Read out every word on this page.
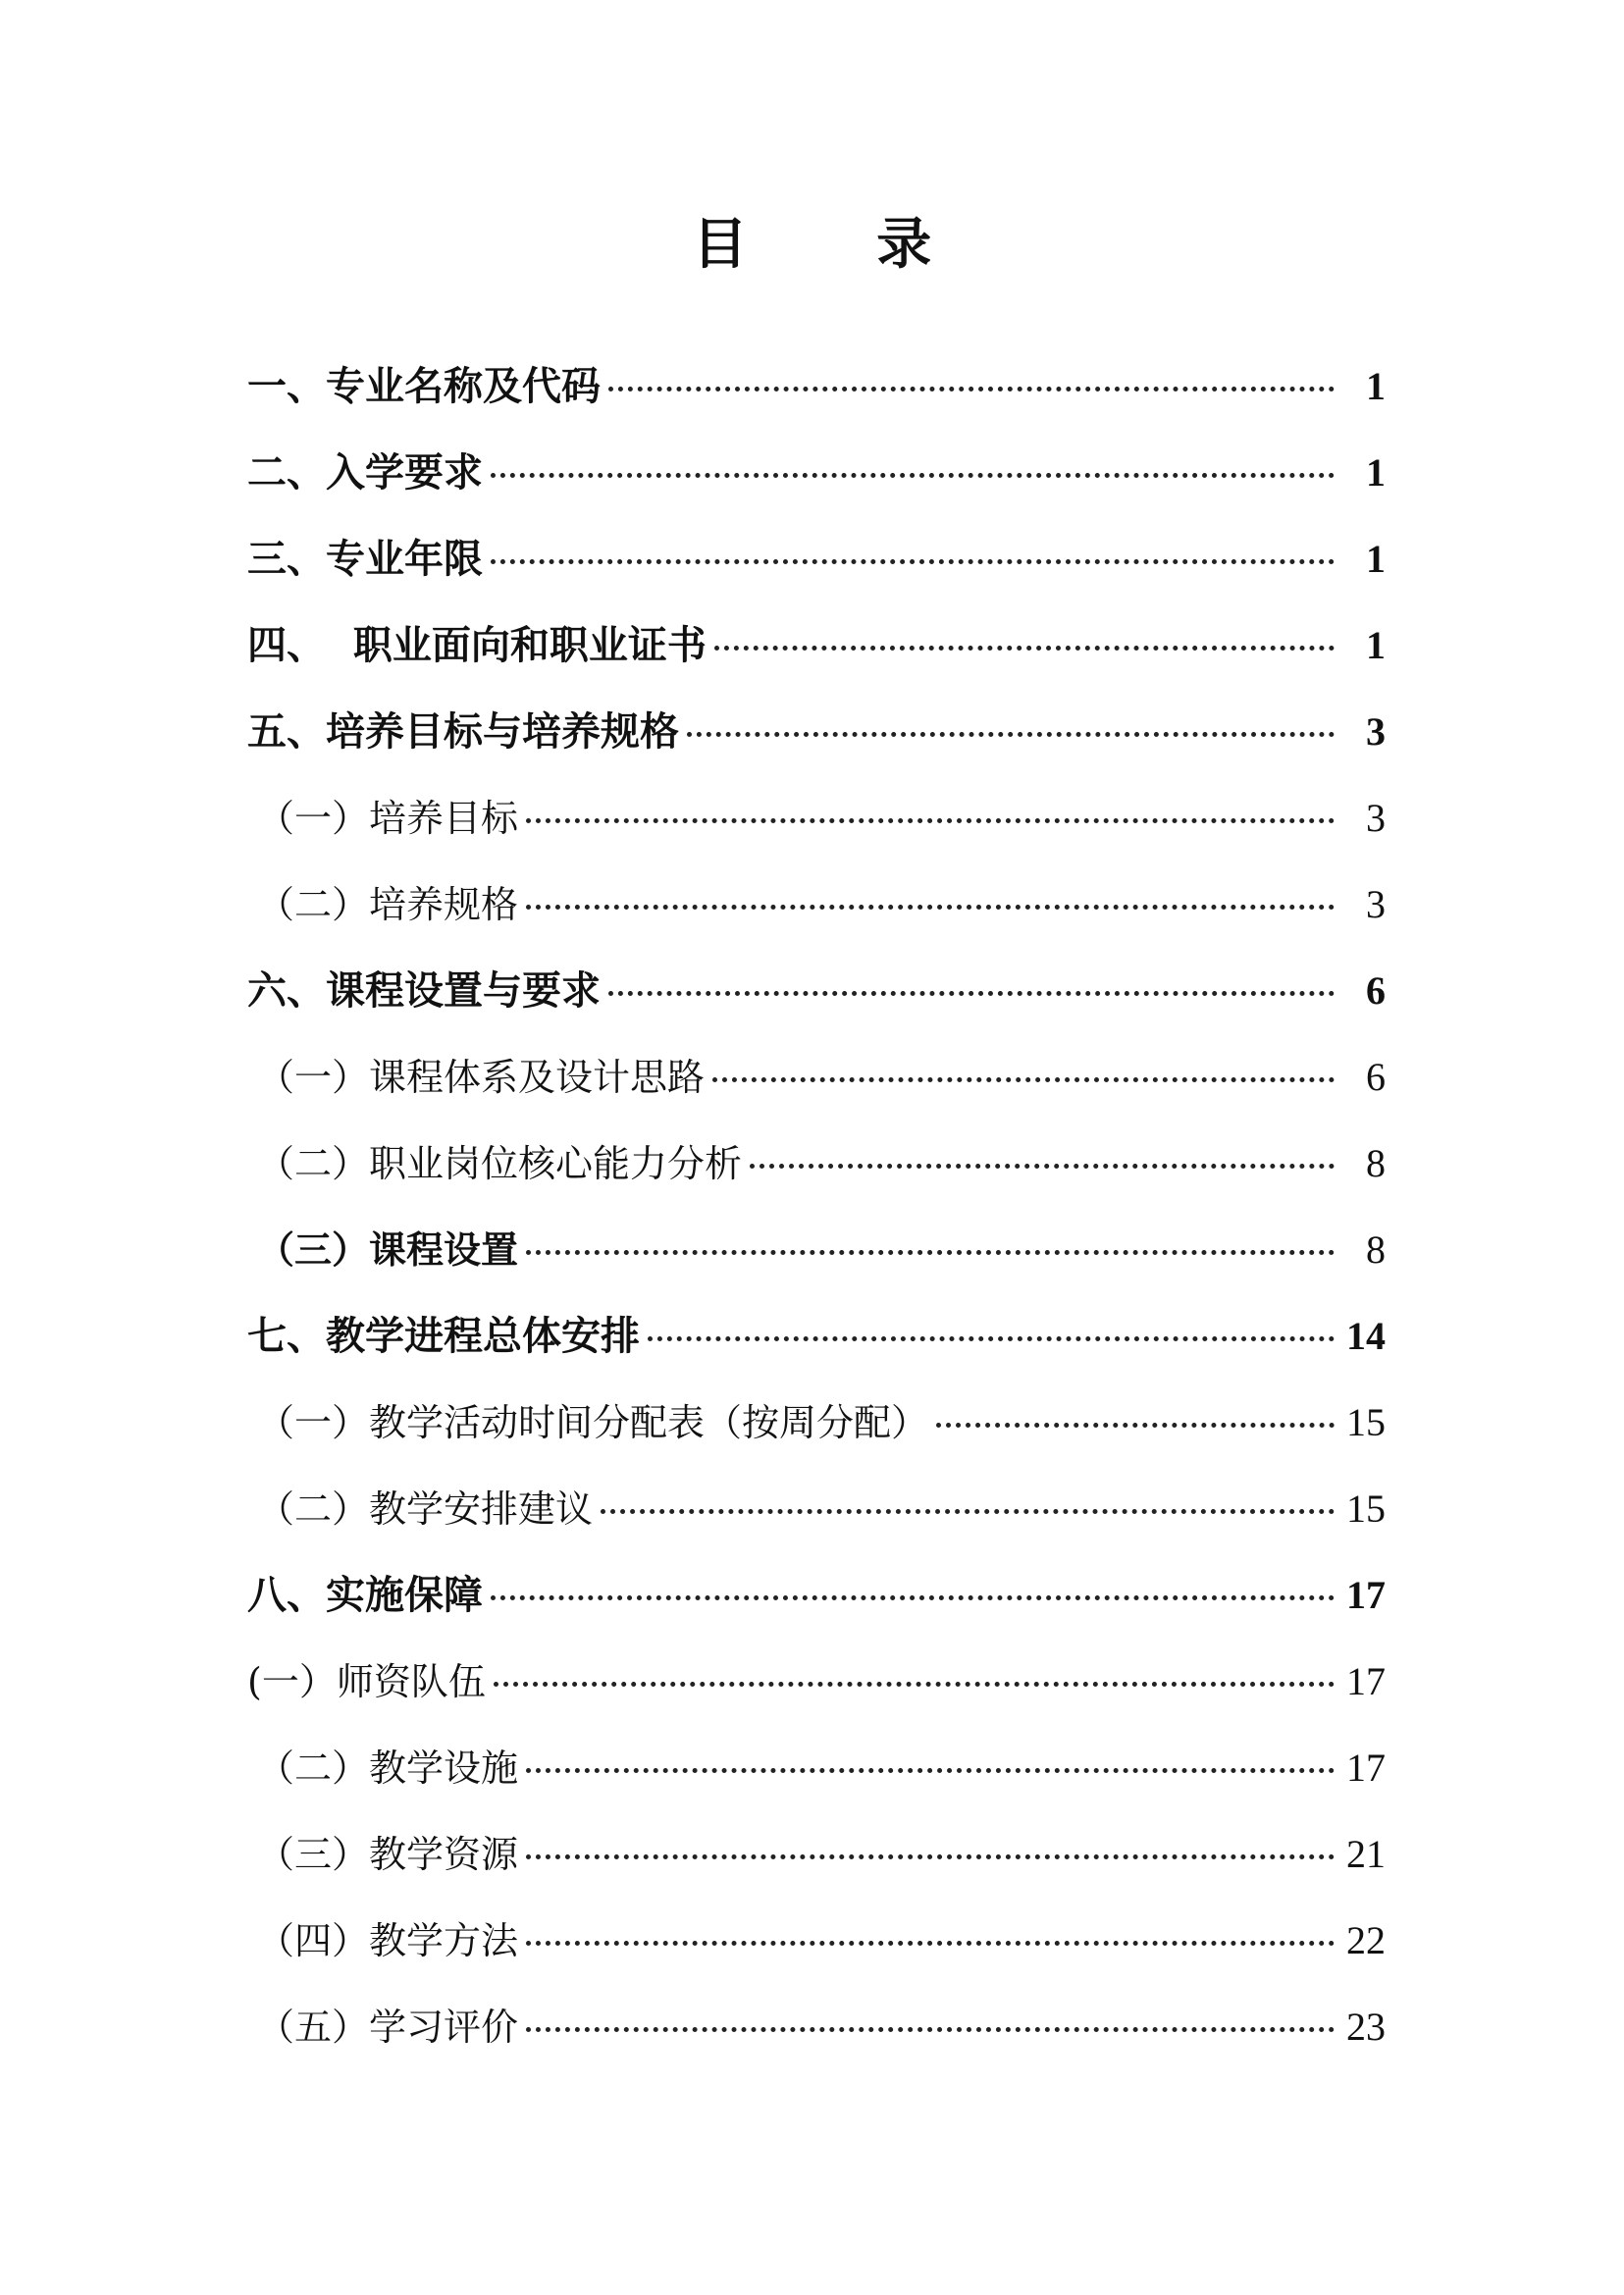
目 录
一、专业名称及代码	1
二、入学要求	1
三、专业年限	1
四、  职业面向和职业证书	1
五、培养目标与培养规格	3
（一）培养目标	3
（二）培养规格	3
六、课程设置与要求	6
（一）课程体系及设计思路	6
（二）职业岗位核心能力分析	8
（三）课程设置	8
七、教学进程总体安排	14
（一）教学活动时间分配表（按周分配）	15
（二）教学安排建议	15
八、实施保障	17
(一）师资队伍	17
（二）教学设施	17
（三）教学资源	21
（四）教学方法	22
（五）学习评价	23
